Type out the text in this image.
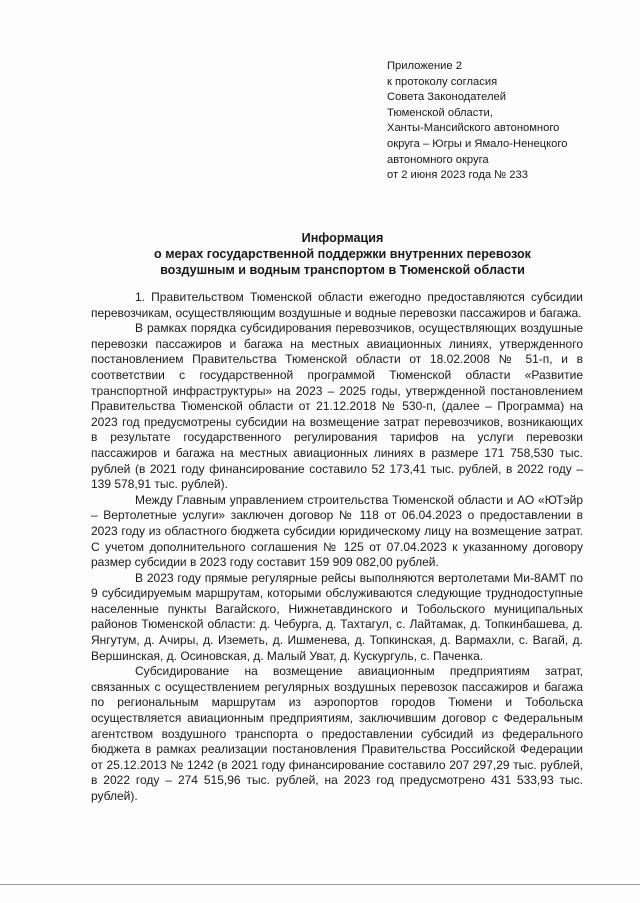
Приложение 2
к протоколу согласия
Совета Законодателей
Тюменской области,
Ханты-Мансийского автономного
округа – Югры и Ямало-Ненецкого
автономного округа
от 2 июня 2023 года № 233
Информация
о мерах государственной поддержки внутренних перевозок
воздушным и водным транспортом в Тюменской области

1. Правительством Тюменской области ежегодно предоставляются субсидии перевозчикам, осуществляющим воздушные и водные перевозки пассажиров и багажа.

В рамках порядка субсидирования перевозчиков, осуществляющих воздушные перевозки пассажиров и багажа на местных авиационных линиях, утвержденного постановлением Правительства Тюменской области от 18.02.2008 № 51-п, и в соответствии с государственной программой Тюменской области «Развитие транспортной инфраструктуры» на 2023 – 2025 годы, утвержденной постановлением Правительства Тюменской области от 21.12.2018 № 530-п, (далее – Программа) на 2023 год предусмотрены субсидии на возмещение затрат перевозчиков, возникающих в результате государственного регулирования тарифов на услуги перевозки пассажиров и багажа на местных авиационных линиях в размере 171 758,530 тыс. рублей (в 2021 году финансирование составило 52 173,41 тыс. рублей, в 2022 году – 139 578,91 тыс. рублей).

Между Главным управлением строительства Тюменской области и АО «ЮТэйр – Вертолетные услуги» заключен договор № 118 от 06.04.2023 о предоставлении в 2023 году из областного бюджета субсидии юридическому лицу на возмещение затрат. С учетом дополнительного соглашения № 125 от 07.04.2023 к указанному договору размер субсидии в 2023 году составит 159 909 082,00 рублей.

В 2023 году прямые регулярные рейсы выполняются вертолетами Ми-8АМТ по 9 субсидируемым маршрутам, которыми обслуживаются следующие труднодоступные населенные пункты Вагайского, Нижнетавдинского и Тобольского муниципальных районов Тюменской области: д. Чебурга, д. Тахтагул, с. Лайтамак, д. Топкинбашева, д. Янгутум, д. Ачиры, д. Иземеть, д. Ишменева, д. Топкинская, д. Вармахли, с. Вагай, д. Вершинская, д. Осиновская, д. Малый Уват, д. Кускургуль, с. Паченка.

Субсидирование на возмещение авиационным предприятиям затрат, связанных с осуществлением регулярных воздушных перевозок пассажиров и багажа по региональным маршрутам из аэропортов городов Тюмени и Тобольска осуществляется авиационным предприятиям, заключившим договор с Федеральным агентством воздушного транспорта о предоставлении субсидий из федерального бюджета в рамках реализации постановления Правительства Российской Федерации от 25.12.2013 № 1242 (в 2021 году финансирование составило 207 297,29 тыс. рублей, в 2022 году – 274 515,96 тыс. рублей, на 2023 год предусмотрено 431 533,93 тыс. рублей).
